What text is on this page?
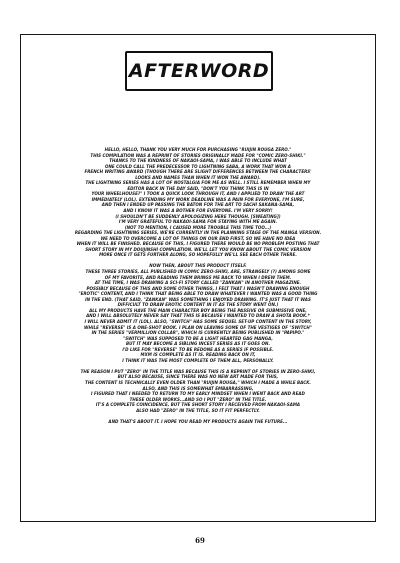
AFTERWORD

HELLO, HELLO, THANK YOU VERY MUCH FOR PURCHASING "RUIJIN ROUGA ZERO."
THIS COMPILATION WAS A REPRINT OF STORIES ORIGINALLY MADE FOR "COMIC ZERO-SHIKI."
THANKS TO THE KINDNESS OF NAKAOI-SAMA, I WAS ABLE TO INCLUDE WHAT
ONE COULD CALL THE PREDECESSOR TO LIGHTNING SABA, A WORK THAT WON A
FRENCH WRITING AWARD (THOUGH THERE ARE SLIGHT DIFFERENCES BETWEEN THE CHARACTERS'
LOOKS AND NAMES THAN WHEN IT WON THE AWARD).
THE LIGHTNING SERIES HAS A LOT OF NOSTALGIA FOR ME AS WELL. I STILL REMEMBER WHEN MY
EDITOR BACK IN THE DAY SAID, "DON'T YOU THINK THIS IS IN
YOUR WHEELHOUSE?" I TOOK A QUICK LOOK THROUGH IT, AND I APPLIED TO DRAW THE ART
IMMEDIATELY (LOL). EXTENDING MY WORK DEADLINE WAS A PAIN FOR EVERYONE, I'M SURE,
AND THEN I ENDED UP PASSING THE BATON FOR THE ART TO SACHI SAKANA-SAMA,
AND I KNOW IT WAS A BOTHER FOR EVERYONE. I'M VERY SORRY!
(I SHOULDN'T BE SUDDENLY APOLOGIZING HERE THOUGH. [SWEATING])
I'M VERY GRATEFUL TO NAKAOI-SAMA FOR STAYING WITH ME AGAIN.
(NOT TO MENTION, I CAUSED MORE TROUBLE THIS TIME TOO...)
REGARDING THE LIGHTNING SERIES, WE'RE CURRENTLY IN THE PLANNING STAGE OF THE MANGA VERSION.
WE NEED TO OVERCOME A LOT OF THINGS ON OUR END FIRST, SO WE HAVE NO IDEA
WHEN IT WILL BE FINISHED. BECAUSE OF THIS, I FIGURED THERE WOULD BE NO PROBLEM POSTING THAT
SHORT STORY IN MY DOUJINSHI COMPILATION. WE'LL LET YOU KNOW ABOUT THE COMIC VERSION
MORE ONCE IT GETS FURTHER ALONG, SO HOPEFULLY WE'LL SEE EACH OTHER THERE.

NOW THEN, ABOUT THIS PRODUCT ITSELF.
THESE THREE STORIES, ALL PUBLISHED IN COMIC ZERO-SHIKI, ARE, STRANGELY (?) AMONG SOME
OF MY FAVORITE, AND READING THEM BRINGS ME BACK TO WHEN I DREW THEM.
AT THE TIME, I WAS DRAWING A SCI-FI STORY CALLED "ZANKAN" IN ANOTHER MAGAZINE.
POSSIBLY BECAUSE OF THIS AND SOME OTHER THINGS, I FELT THAT I WASN'T DRAWING ENOUGH
"EROTIC" CONTENT, AND I THINK THAT BEING ABLE TO DRAW WHATEVER I WANTED WAS A GOOD THING
IN THE END. (THAT SAID, "ZANKAN" WAS SOMETHING I ENJOYED DRAWING. IT'S JUST THAT IT WAS
DIFFICULT TO DRAW EROTIC CONTENT IN IT AS THE STORY WENT ON.)
ALL MY PRODUCTS HAVE THE MAIN CHARACTER BOY BEING THE PASSIVE OR SUBMISSIVE ONE,
AND I WILL ABSOLUTELY NEVER SAY THAT THIS IS BECAUSE I WANTED TO DRAW A SHOTA BOOK.*
I WILL NEVER ADMIT IT (LOL). ALSO, "SWITCH" HAS SOME SEQUEL SET-UP CONTENT IN THE STORY,
WHILE "REVERSE" IS A ONE-SHOT BOOK. I PLAN ON LEAVING SOME OF THE VESTIGES OF "SWITCH"
IN THE SERIES "VERMILLION COLLAR", WHICH IS CURRENTLY BEING PUBLISHED IN "PAPIPO."
"SWITCH" WAS SUPPOSED TO BE A LIGHT HEARTED GAG MANGA,
BUT IT MAY BECOME A SIBLING INCEST SERIES AS IT GOES ON.
I'D LIKE FOR "REVERSE" TO BE REDONE AS A SERIES IF POSSIBLE.
MXM IS COMPLETE AS IT IS. READING BACK ON IT,
I THINK IT WAS THE MOST COMPLETE OF THEM ALL, PERSONALLY.

THE REASON I PUT "ZERO" IN THE TITLE WAS BECAUSE THIS IS A REPRINT OF STORIES IN ZERO-SHIKI,
BUT ALSO BECAUSE, SINCE THERE WAS NO NEW ART MADE FOR THIS,
THE CONTENT IS TECHNICALLY EVEN OLDER THAN "RUIJIN ROUGA," WHICH I MADE A WHILE BACK.
ALSO, AND THIS IS SOMEWHAT EMBARRASSING,
I FIGURED THAT I NEEDED TO RETURN TO MY EARLY MINDSET WHEN I WENT BACK AND READ
THESE OLDER WORKS...AND SO I PUT "ZERO" IN THE TITLE.
IT'S A COMPLETE COINCIDENCE, BUT THE SHORT STORY I RECEIVED FROM NAKAOI-SAMA
ALSO HAD "ZERO" IN THE TITLE, SO IT FIT PERFECTLY.

AND THAT'S ABOUT IT. I HOPE YOU READ MY PRODUCTS AGAIN THE FUTURE...

69
